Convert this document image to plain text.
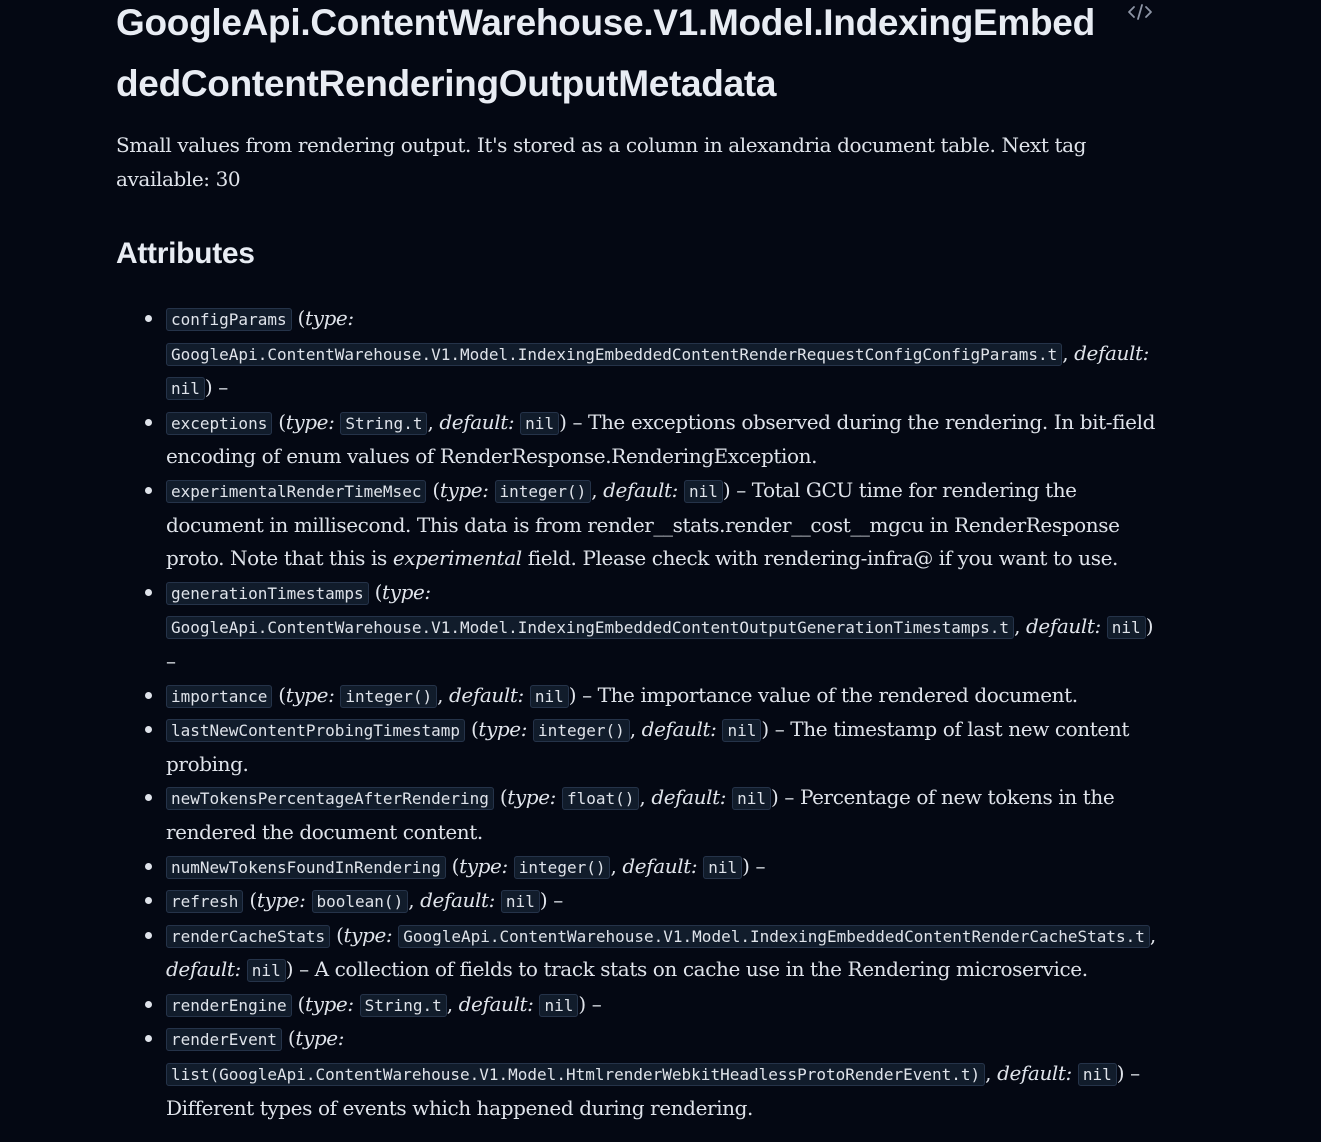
GoogleApi.ContentWarehouse.V1.Model.IndexingEmbeddedContentRenderingOutputMetadata

Small values from rendering output. It's stored as a column in alexandria document table. Next tag available: 30

Attributes
configParams (type: GoogleApi.ContentWarehouse.V1.Model.IndexingEmbeddedContentRenderRequestConfigConfigParams.t , default: nil ) –
exceptions (type: String.t , default: nil ) – The exceptions observed during the rendering. In bit-field encoding of enum values of RenderResponse.RenderingException.
experimentalRenderTimeMsec (type: integer() , default: nil ) – Total GCU time for rendering the document in millisecond. This data is from render__stats.render__cost__mgcu in RenderResponse proto. Note that this is experimental field. Please check with rendering-infra@ if you want to use.
generationTimestamps (type: GoogleApi.ContentWarehouse.V1.Model.IndexingEmbeddedContentOutputGenerationTimestamps.t , default: nil ) –
importance (type: integer() , default: nil ) – The importance value of the rendered document.
lastNewContentProbingTimestamp (type: integer() , default: nil ) – The timestamp of last new content probing.
newTokensPercentageAfterRendering (type: float() , default: nil ) – Percentage of new tokens in the rendered the document content.
numNewTokensFoundInRendering (type: integer() , default: nil ) –
refresh (type: boolean() , default: nil ) –
renderCacheStats (type: GoogleApi.ContentWarehouse.V1.Model.IndexingEmbeddedContentRenderCacheStats.t , default: nil ) – A collection of fields to track stats on cache use in the Rendering microservice.
renderEngine (type: String.t , default: nil ) –
renderEvent (type: list(GoogleApi.ContentWarehouse.V1.Model.HtmlrenderWebkitHeadlessProtoRenderEvent.t) , default: nil ) – Different types of events which happened during rendering.
